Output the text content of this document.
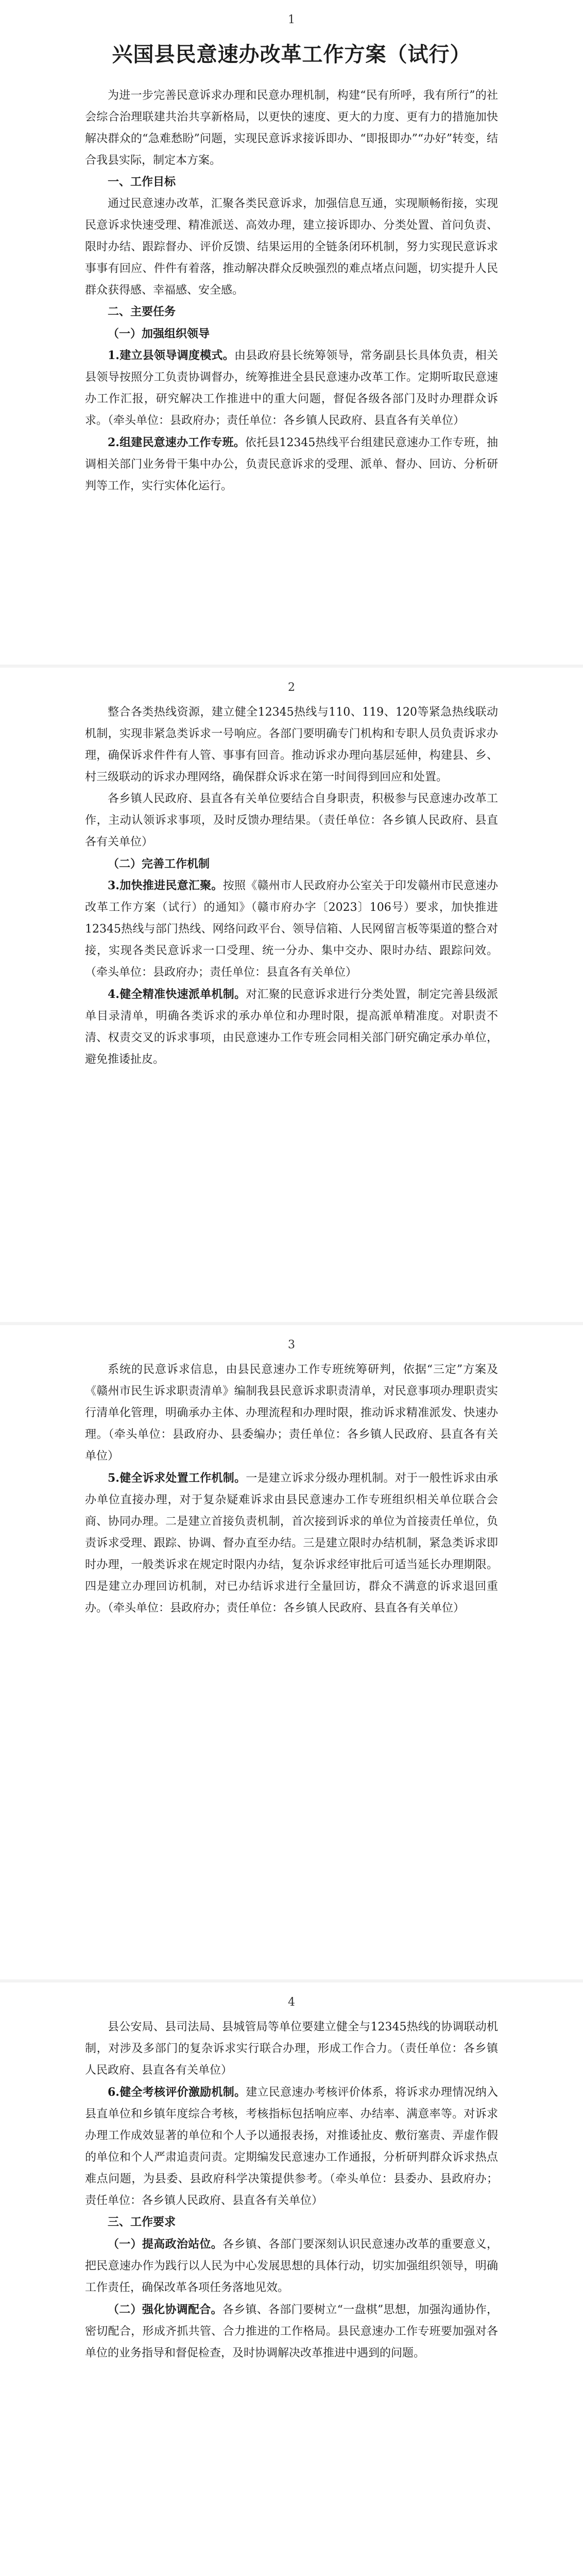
1
兴国县民意速办改革工作方案（试行）

为进一步完善民意诉求办理和民意办理机制，构建“民有所呼，我有所行”的社会综合治理联建共治共享新格局，以更快的速度、更大的力度、更有力的措施加快解决群众的“急难愁盼”问题，实现民意诉求接诉即办、“即报即办”“办好”转变，结合我县实际，制定本方案。

一、工作目标

通过民意速办改革，汇聚各类民意诉求，加强信息互通，实现顺畅衔接，实现民意诉求快速受理、精准派送、高效办理，建立接诉即办、分类处置、首问负责、限时办结、跟踪督办、评价反馈、结果运用的全链条闭环机制，努力实现民意诉求事事有回应、件件有着落，推动解决群众反映强烈的难点堵点问题，切实提升人民群众获得感、幸福感、安全感。

二、主要任务
（一）加强组织领导

1.建立县领导调度模式。由县政府县长统筹领导，常务副县长具体负责，相关县领导按照分工负责协调督办，统筹推进全县民意速办改革工作。定期听取民意速办工作汇报，研究解决工作推进中的重大问题，督促各级各部门及时办理群众诉求。（牵头单位：县政府办；责任单位：各乡镇人民政府、县直各有关单位）

2.组建民意速办工作专班。依托县12345热线平台组建民意速办工作专班，抽调相关部门业务骨干集中办公，负责民意诉求的受理、派单、督办、回访、分析研判等工作，实行实体化运行。

2

整合各类热线资源，建立健全12345热线与110、119、120等紧急热线联动机制，实现非紧急类诉求一号响应。各部门要明确专门机构和专职人员负责诉求办理，确保诉求件件有人管、事事有回音。推动诉求办理向基层延伸，构建县、乡、村三级联动的诉求办理网络，确保群众诉求在第一时间得到回应和处置。

各乡镇人民政府、县直各有关单位要结合自身职责，积极参与民意速办改革工作，主动认领诉求事项，及时反馈办理结果。（责任单位：各乡镇人民政府、县直各有关单位）

（二）完善工作机制

3.加快推进民意汇聚。按照《赣州市人民政府办公室关于印发赣州市民意速办改革工作方案（试行）的通知》（赣市府办字〔2023〕106号）要求，加快推进12345热线与部门热线、网络问政平台、领导信箱、人民网留言板等渠道的整合对接，实现各类民意诉求一口受理、统一分办、集中交办、限时办结、跟踪问效。（牵头单位：县政府办；责任单位：县直各有关单位）

4.健全精准快速派单机制。对汇聚的民意诉求进行分类处置，制定完善县级派单目录清单，明确各类诉求的承办单位和办理时限，提高派单精准度。对职责不清、权责交叉的诉求事项，由民意速办工作专班会同相关部门研究确定承办单位，避免推诿扯皮。

3

系统的民意诉求信息，由县民意速办工作专班统筹研判，依据“三定”方案及《赣州市民生诉求职责清单》编制我县民意诉求职责清单，对民意事项办理职责实行清单化管理，明确承办主体、办理流程和办理时限，推动诉求精准派发、快速办理。（牵头单位：县政府办、县委编办；责任单位：各乡镇人民政府、县直各有关单位）

5.健全诉求处置工作机制。一是建立诉求分级办理机制。对于一般性诉求由承办单位直接办理，对于复杂疑难诉求由县民意速办工作专班组织相关单位联合会商、协同办理。二是建立首接负责机制，首次接到诉求的单位为首接责任单位，负责诉求受理、跟踪、协调、督办直至办结。三是建立限时办结机制，紧急类诉求即时办理，一般类诉求在规定时限内办结，复杂诉求经审批后可适当延长办理期限。四是建立办理回访机制，对已办结诉求进行全量回访，群众不满意的诉求退回重办。（牵头单位：县政府办；责任单位：各乡镇人民政府、县直各有关单位）

4

县公安局、县司法局、县城管局等单位要建立健全与12345热线的协调联动机制，对涉及多部门的复杂诉求实行联合办理，形成工作合力。（责任单位：各乡镇人民政府、县直各有关单位）

6.健全考核评价激励机制。建立民意速办考核评价体系，将诉求办理情况纳入县直单位和乡镇年度综合考核，考核指标包括响应率、办结率、满意率等。对诉求办理工作成效显著的单位和个人予以通报表扬，对推诿扯皮、敷衍塞责、弄虚作假的单位和个人严肃追责问责。定期编发民意速办工作通报，分析研判群众诉求热点难点问题，为县委、县政府科学决策提供参考。（牵头单位：县委办、县政府办；责任单位：各乡镇人民政府、县直各有关单位）

三、工作要求

（一）提高政治站位。各乡镇、各部门要深刻认识民意速办改革的重要意义，把民意速办作为践行以人民为中心发展思想的具体行动，切实加强组织领导，明确工作责任，确保改革各项任务落地见效。

（二）强化协调配合。各乡镇、各部门要树立“一盘棋”思想，加强沟通协作，密切配合，形成齐抓共管、合力推进的工作格局。县民意速办工作专班要加强对各单位的业务指导和督促检查，及时协调解决改革推进中遇到的问题。
